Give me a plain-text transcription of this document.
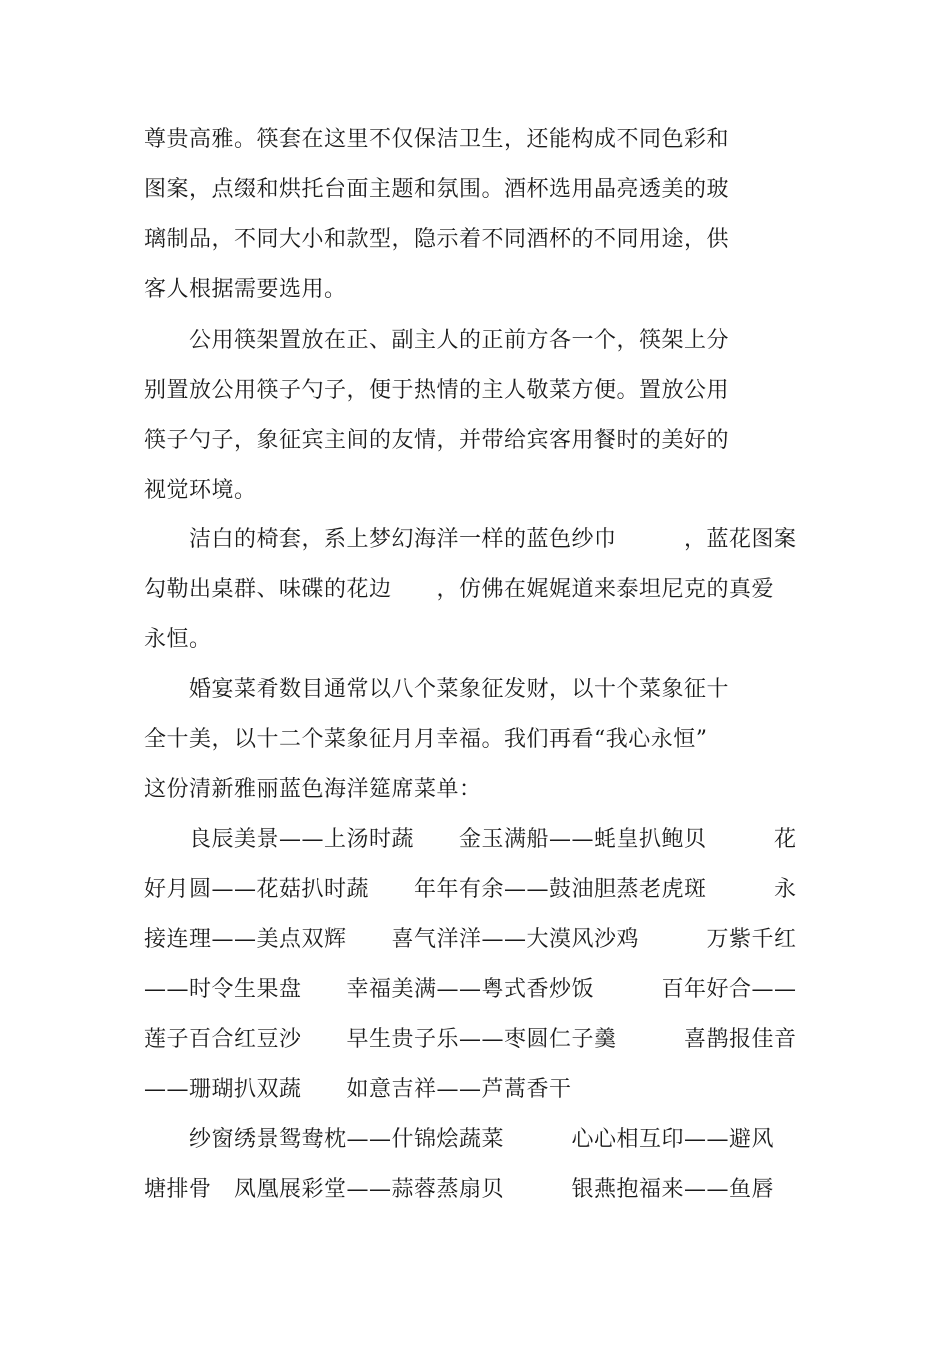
尊贵高雅。筷套在这里不仅保洁卫生，还能构成不同色彩和
图案，点缀和烘托台面主题和氛围。酒杯选用晶亮透美的玻
璃制品，不同大小和款型，隐示着不同酒杯的不同用途，供
客人根据需要选用。
　　公用筷架置放在正、副主人的正前方各一个，筷架上分
别置放公用筷子勺子，便于热情的主人敬菜方便。置放公用
筷子勺子，象征宾主间的友情，并带给宾客用餐时的美好的
视觉环境。
　　洁白的椅套，系上梦幻海洋一样的蓝色纱巾　　　，蓝花图案
勾勒出桌群、味碟的花边　　，仿佛在娓娓道来泰坦尼克的真爱
永恒。
　　婚宴菜肴数目通常以八个菜象征发财，以十个菜象征十
全十美，以十二个菜象征月月幸福。我们再看“我心永恒”
这份清新雅丽蓝色海洋筵席菜单：
　　良辰美景——上汤时蔬　　金玉满船——蚝皇扒鲍贝　　　花
好月圆——花菇扒时蔬　　年年有余——鼓油胆蒸老虎斑　　　永
接连理——美点双辉　　喜气洋洋——大漠风沙鸡　　　万紫千红
——时令生果盘　　幸福美满——粤式香炒饭　　　百年好合——
莲子百合红豆沙　　早生贵子乐——枣圆仁子羹　　　喜鹊报佳音
——珊瑚扒双蔬　　如意吉祥——芦蒿香干
　　纱窗绣景鸳鸯枕——什锦烩蔬菜　　　心心相互印——避风
塘排骨　凤凰展彩堂——蒜蓉蒸扇贝　　　银燕抱福来——鱼唇
